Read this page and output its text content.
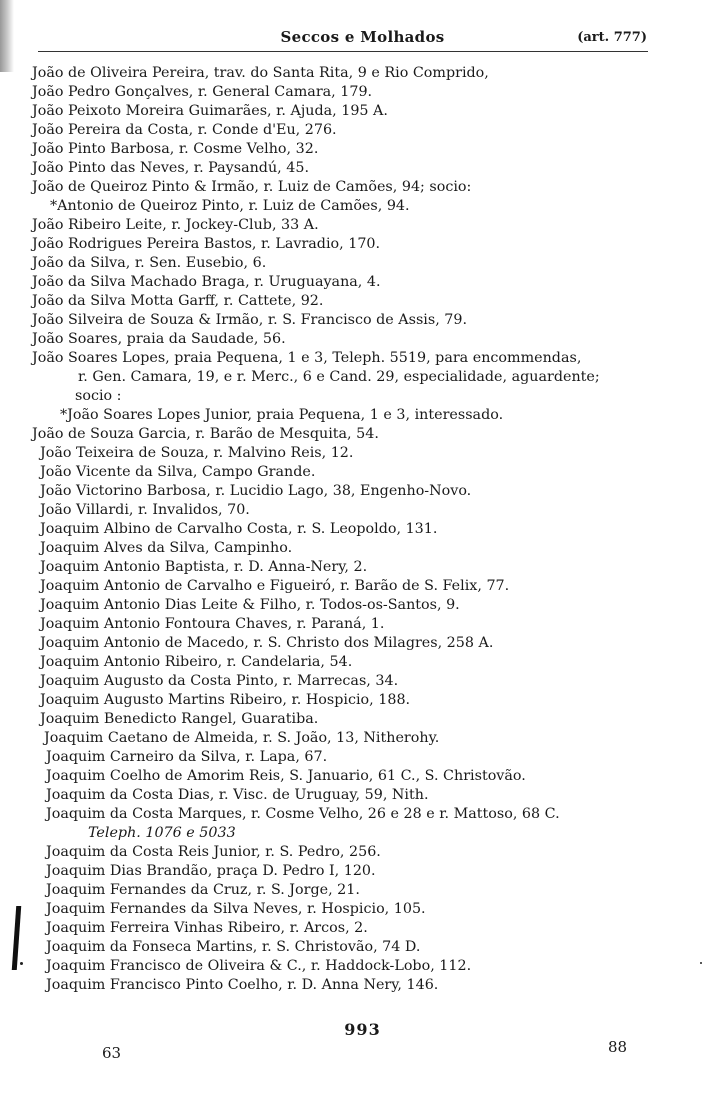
Seccos e Molhados	(art. 777)
João de Oliveira Pereira, trav. do Santa Rita, 9 e Rio Comprido,
João Pedro Gonçalves, r. General Camara, 179.
João Peixoto Moreira Guimarães, r. Ajuda, 195 A.
João Pereira da Costa, r. Conde d'Eu, 276.
João Pinto Barbosa, r. Cosme Velho, 32.
João Pinto das Neves, r. Paysandú, 45.
João de Queiroz Pinto & Irmão, r. Luiz de Camões, 94; socio:
*Antonio de Queiroz Pinto, r. Luiz de Camões, 94.
João Ribeiro Leite, r. Jockey-Club, 33 A.
João Rodrigues Pereira Bastos, r. Lavradio, 170.
João da Silva, r. Sen. Eusebio, 6.
João da Silva Machado Braga, r. Uruguayana, 4.
João da Silva Motta Garff, r. Cattete, 92.
João Silveira de Souza & Irmão, r. S. Francisco de Assis, 79.
João Soares, praia da Saudade, 56.
João Soares Lopes, praia Pequena, 1 e 3, Teleph. 5519, para encommendas,
r. Gen. Camara, 19, e r. Merc., 6 e Cand. 29, especialidade, aguardente;
socio :
*João Soares Lopes Junior, praia Pequena, 1 e 3, interessado.
João de Souza Garcia, r. Barão de Mesquita, 54.
João Teixeira de Souza, r. Malvino Reis, 12.
João Vicente da Silva, Campo Grande.
João Victorino Barbosa, r. Lucidio Lago, 38, Engenho-Novo.
João Villardi, r. Invalidos, 70.
Joaquim Albino de Carvalho Costa, r. S. Leopoldo, 131.
Joaquim Alves da Silva, Campinho.
Joaquim Antonio Baptista, r. D. Anna-Nery, 2.
Joaquim Antonio de Carvalho e Figueiró, r. Barão de S. Felix, 77.
Joaquim Antonio Dias Leite & Filho, r. Todos-os-Santos, 9.
Joaquim Antonio Fontoura Chaves, r. Paraná, 1.
Joaquim Antonio de Macedo, r. S. Christo dos Milagres, 258 A.
Joaquim Antonio Ribeiro, r. Candelaria, 54.
Joaquim Augusto da Costa Pinto, r. Marrecas, 34.
Joaquim Augusto Martins Ribeiro, r. Hospicio, 188.
Joaquim Benedicto Rangel, Guaratiba.
Joaquim Caetano de Almeida, r. S. João, 13, Nitherohy.
Joaquim Carneiro da Silva, r. Lapa, 67.
Joaquim Coelho de Amorim Reis, S. Januario, 61 C., S. Christovão.
Joaquim da Costa Dias, r. Visc. de Uruguay, 59, Nith.
Joaquim da Costa Marques, r. Cosme Velho, 26 e 28 e r. Mattoso, 68 C.
Teleph. 1076 e 5033
Joaquim da Costa Reis Junior, r. S. Pedro, 256.
Joaquim Dias Brandão, praça D. Pedro I, 120.
Joaquim Fernandes da Cruz, r. S. Jorge, 21.
Joaquim Fernandes da Silva Neves, r. Hospicio, 105.
Joaquim Ferreira Vinhas Ribeiro, r. Arcos, 2.
Joaquim da Fonseca Martins, r. S. Christovão, 74 D.
Joaquim Francisco de Oliveira & C., r. Haddock-Lobo, 112.
Joaquim Francisco Pinto Coelho, r. D. Anna Nery, 146.
993
63	88
